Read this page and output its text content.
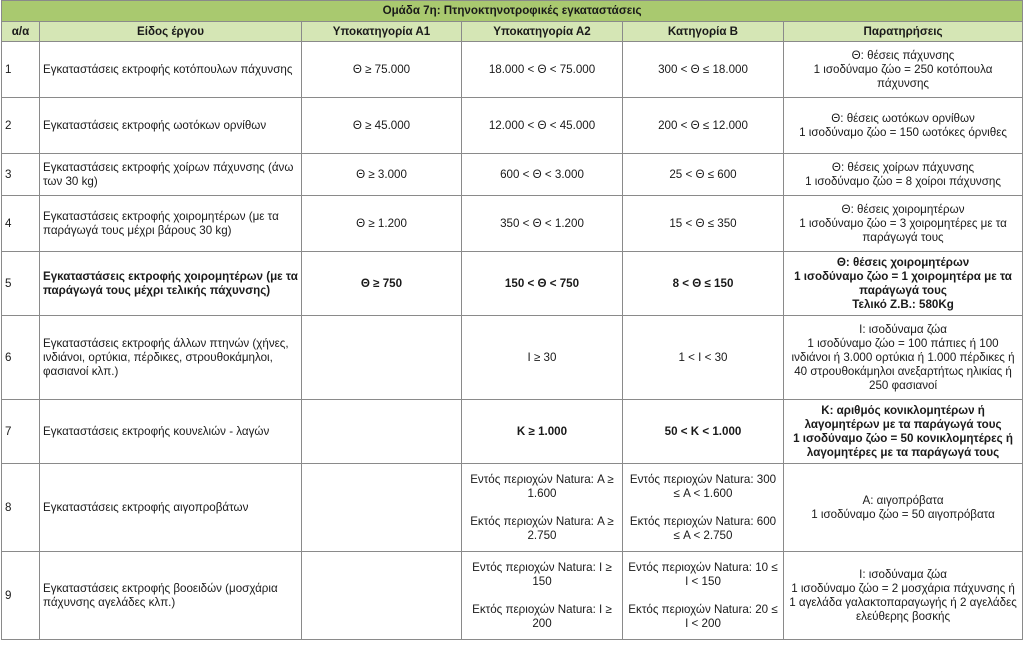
Ομάδα 7η: Πτηνοκτηνοτροφικές εγκαταστάσεις					
α/α	Είδος έργου	Υποκατηγορία Α1	Υποκατηγορία Α2	Κατηγορία Β	Παρατηρήσεις
1	Εγκαταστάσεις εκτροφής κοτόπουλων πάχυνσης	Θ ≥ 75.000	18.000 < Θ < 75.000	300 < Θ ≤ 18.000	Θ: θέσεις πάχυνσης
1 ισοδύναμο ζώο = 250 κοτόπουλα πάχυνσης

2	Εγκαταστάσεις εκτροφής ωοτόκων ορνίθων	Θ ≥ 45.000	12.000 < Θ < 45.000	200 < Θ ≤ 12.000	Θ: θέσεις ωοτόκων ορνίθων
1 ισοδύναμο ζώο = 150 ωοτόκες όρνιθες

3	Εγκαταστάσεις εκτροφής χοίρων πάχυνσης (άνω των 30 kg)	Θ ≥ 3.000	600 < Θ < 3.000	25 < Θ ≤ 600	Θ: θέσεις χοίρων πάχυνσης
1 ισοδύναμο ζώο = 8 χοίροι πάχυνσης

4	Εγκαταστάσεις εκτροφής χοιρομητέρων (με τα παράγωγά τους μέχρι βάρους 30 kg)	Θ ≥ 1.200	350 < Θ < 1.200	15 < Θ ≤ 350	Θ: θέσεις χοιρομητέρων
1 ισοδύναμο ζώο = 3 χοιρομητέρες με τα παράγωγά τους

5	Εγκαταστάσεις εκτροφής χοιρομητέρων (με τα παράγωγά τους μέχρι τελικής πάχυνσης)	Θ ≥ 750	150 < Θ < 750	8 < Θ ≤ 150	Θ: θέσεις χοιρομητέρων
1 ισοδύναμο ζώο = 1 χοιρομητέρα με τα παράγωγά τους
Τελικό Ζ.Β.: 580Kg

6	Εγκαταστάσεις εκτροφής άλλων πτηνών (χήνες, ινδιάνοι, ορτύκια, πέρδικες, στρουθοκάμηλοι, φασιανοί κλπ.)		Ι ≥ 30	1 < Ι < 30	Ι: ισοδύναμα ζώα
1 ισοδύναμο ζώο = 100 πάπιες ή 100 ινδιάνοι ή 3.000 ορτύκια ή 1.000 πέρδικες ή 40 στρουθοκάμηλοι ανεξαρτήτως ηλικίας ή 250 φασιανοί

7	Εγκαταστάσεις εκτροφής κουνελιών - λαγών		Κ ≥ 1.000	50 < Κ < 1.000	Κ: αριθμός κονικλομητέρων ή λαγομητέρων με τα παράγωγά τους
1 ισοδύναμο ζώο = 50 κονικλομητέρες ή λαγομητέρες με τα παράγωγά τους

8	Εγκαταστάσεις εκτροφής αιγοπροβάτων		Εντός περιοχών Natura: Α ≥ 1.600
Εκτός περιοχών Natura: Α ≥ 2.750	Εντός περιοχών Natura: 300 ≤ Α < 1.600
Εκτός περιοχών Natura: 600 ≤ Α < 2.750	Α: αιγοπρόβατα
1 ισοδύναμο ζώο = 50 αιγοπρόβατα

9	Εγκαταστάσεις εκτροφής βοοειδών (μοσχάρια πάχυνσης αγελάδες κλπ.)		Εντός περιοχών Natura: Ι ≥ 150
Εκτός περιοχών Natura: Ι ≥ 200	Εντός περιοχών Natura: 10 ≤ Ι < 150
Εκτός περιοχών Natura: 20 ≤ Ι < 200	Ι: ισοδύναμα ζώα
1 ισοδύναμο ζώο = 2 μοσχάρια πάχυνσης ή 1 αγελάδα γαλακτοπαραγωγής ή 2 αγελάδες ελεύθερης βοσκής
